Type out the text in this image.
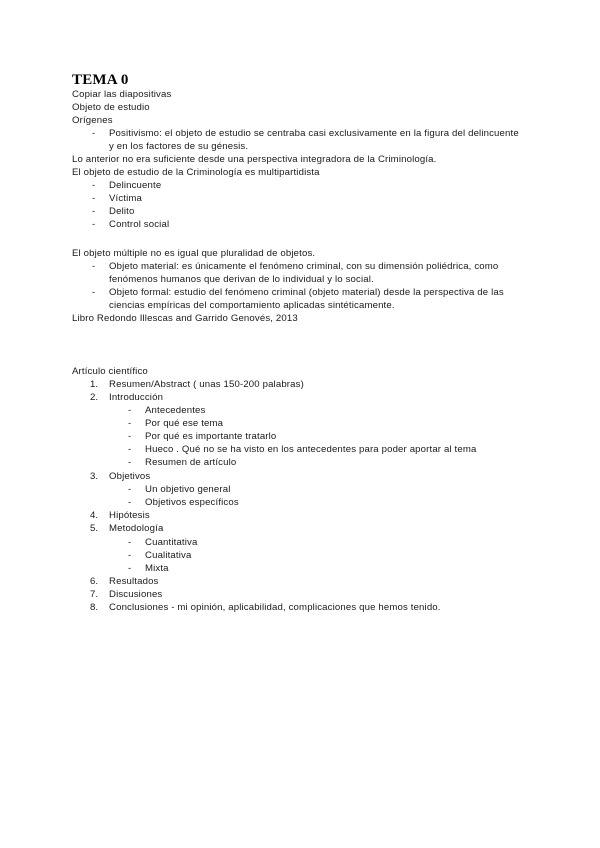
TEMA 0
Copiar las diapositivas
Objeto de estudio
Orígenes
- Positivismo: el objeto de estudio se centraba casi exclusivamente en la figura del delincuente
y en los factores de su génesis.
Lo anterior no era suficiente desde una perspectiva integradora de la Criminología.
El objeto de estudio de la Criminología es multipartidista
- Delincuente
- Víctima
- Delito
- Control social
El objeto múltiple no es igual que pluralidad de objetos.
- Objeto material: es únicamente el fenómeno criminal, con su dimensión poliédrica, como
fenómenos humanos que derivan de lo individual y lo social.
- Objeto formal: estudio del fenómeno criminal (objeto material) desde la perspectiva de las
ciencias empíricas del comportamiento aplicadas sintéticamente.
Libro Redondo Illescas and Garrido Genovés, 2013
Artículo científico
1. Resumen/Abstract ( unas 150-200 palabras)
2. Introducción
- Antecedentes
- Por qué ese tema
- Por qué es importante tratarlo
- Hueco . Qué no se ha visto en los antecedentes para poder aportar al tema
- Resumen de artículo
3. Objetivos
- Un objetivo general
- Objetivos específicos
4. Hipótesis
5. Metodología
- Cuantitativa
- Cualitativa
- Mixta
6. Resultados
7. Discusiones
8. Conclusiones - mi opinión, aplicabilidad, complicaciones que hemos tenido.
